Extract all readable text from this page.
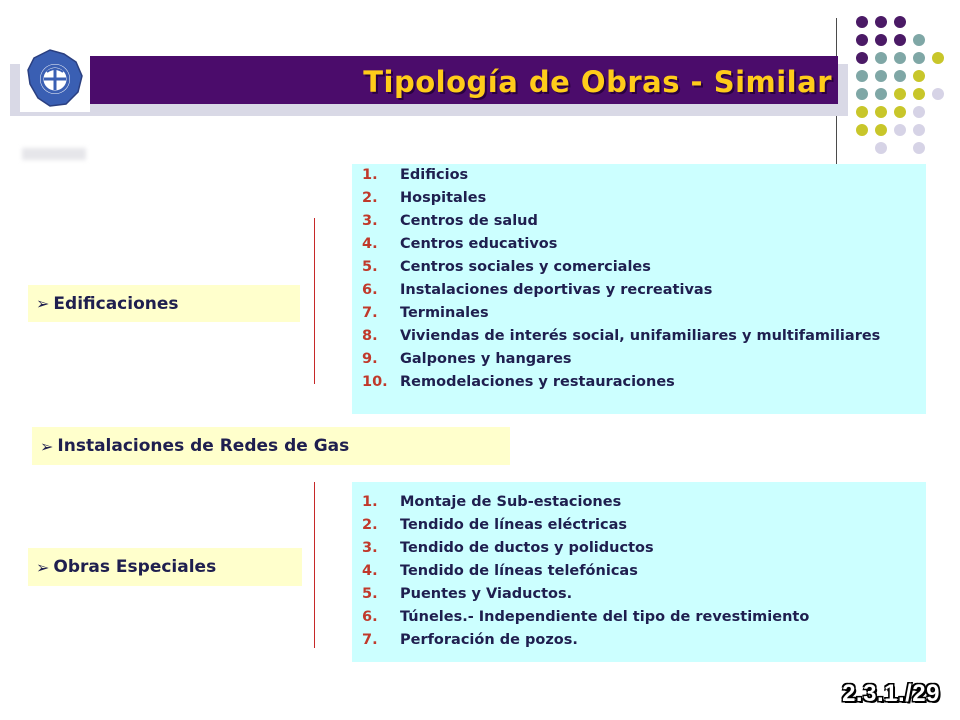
Tipología de Obras - Similar
➢ Edificaciones
1.	Edificios
2.	Hospitales
3.	Centros de salud
4.	Centros educativos
5.	Centros sociales y comerciales
6.	Instalaciones deportivas y recreativas
7.	Terminales
8.	Viviendas de interés social, unifamiliares y multifamiliares
9.	Galpones y hangares
10. Remodelaciones y restauraciones
➢ Instalaciones de Redes de Gas
➢ Obras Especiales
1.	Montaje de Sub-estaciones
2.	Tendido de líneas eléctricas
3.	Tendido de ductos y poliductos
4.	Tendido de líneas telefónicas
5.	Puentes y Viaductos.
6.	Túneles.- Independiente del tipo de revestimiento
7.	Perforación de pozos.
2.3.1./29
